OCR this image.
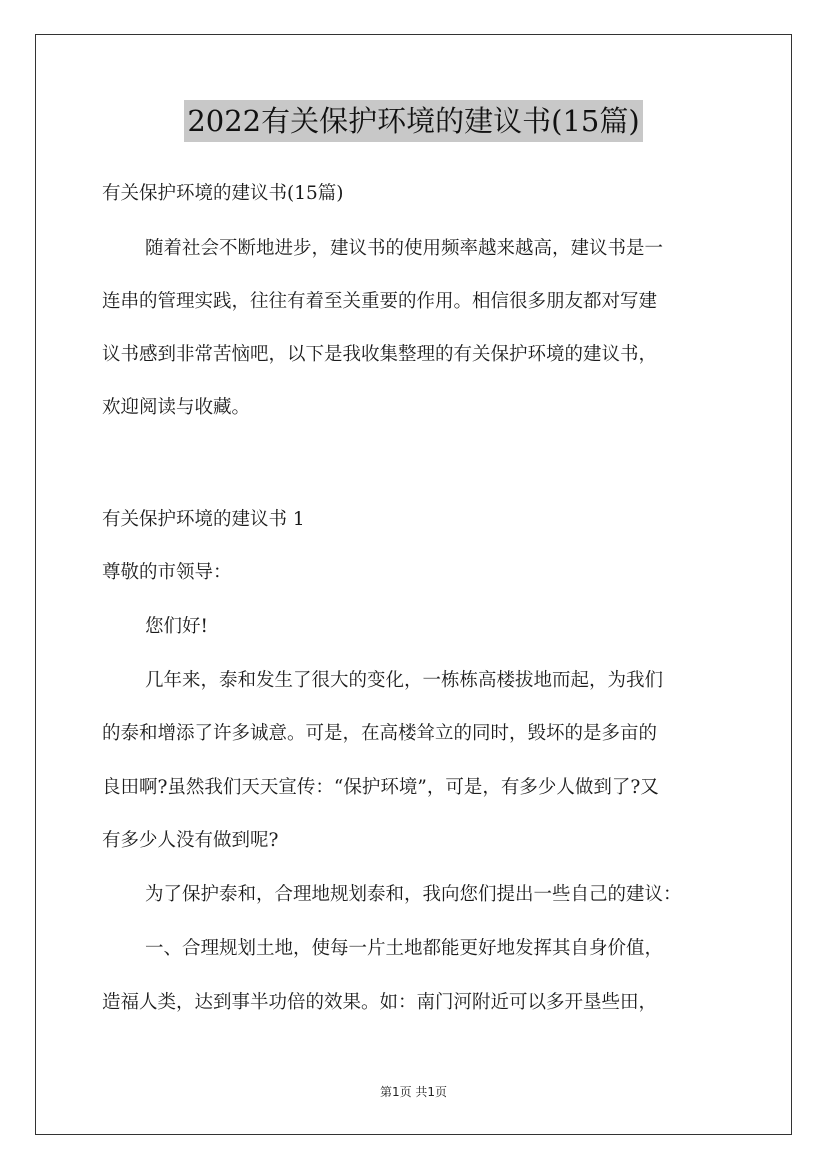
2022有关保护环境的建议书(15篇)
有关保护环境的建议书(15篇)
随着社会不断地进步，建议书的使用频率越来越高，建议书是一
连串的管理实践，往往有着至关重要的作用。相信很多朋友都对写建
议书感到非常苦恼吧，以下是我收集整理的有关保护环境的建议书，
欢迎阅读与收藏。
有关保护环境的建议书 1
尊敬的市领导：
您们好!
几年来，泰和发生了很大的变化，一栋栋高楼拔地而起，为我们
的泰和增添了许多诚意。可是，在高楼耸立的同时，毁坏的是多亩的
良田啊?虽然我们天天宣传：“保护环境”，可是，有多少人做到了?又
有多少人没有做到呢?
为了保护泰和，合理地规划泰和，我向您们提出一些自己的建议：
一、合理规划土地，使每一片土地都能更好地发挥其自身价值，
造福人类，达到事半功倍的效果。如：南门河附近可以多开垦些田，
第1页 共1页
